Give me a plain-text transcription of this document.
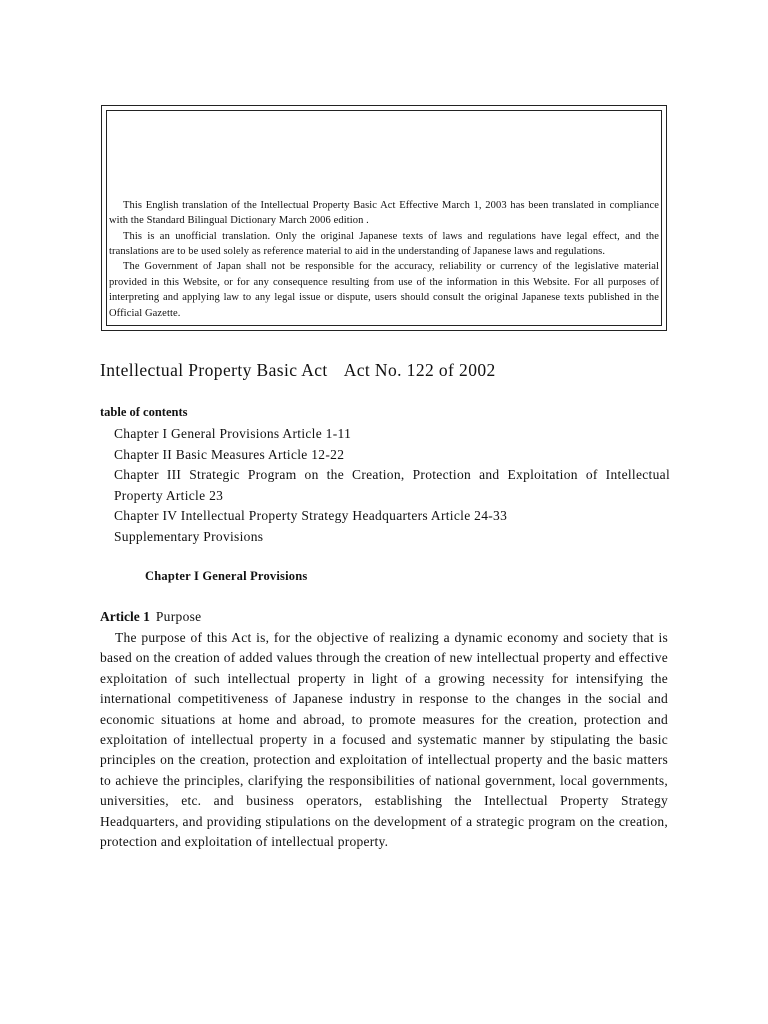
This English translation of the Intellectual Property Basic Act Effective March 1, 2003 has been translated in compliance with the Standard Bilingual Dictionary March 2006 edition .

This is an unofficial translation. Only the original Japanese texts of laws and regulations have legal effect, and the translations are to be used solely as reference material to aid in the understanding of Japanese laws and regulations.

The Government of Japan shall not be responsible for the accuracy, reliability or currency of the legislative material provided in this Website, or for any consequence resulting from use of the information in this Website. For all purposes of interpreting and applying law to any legal issue or dispute, users should consult the original Japanese texts published in the Official Gazette.

Intellectual Property Basic Act Act No. 122 of 2002
table of contents
Chapter I General Provisions Article 1-11
Chapter II Basic Measures Article 12-22
Chapter III Strategic Program on the Creation, Protection and Exploitation of Intellectual Property Article 23
Chapter IV Intellectual Property Strategy Headquarters Article 24-33
Supplementary Provisions
Chapter I General Provisions
Article 1 Purpose

The purpose of this Act is, for the objective of realizing a dynamic economy and society that is based on the creation of added values through the creation of new intellectual property and effective exploitation of such intellectual property in light of a growing necessity for intensifying the international competitiveness of Japanese industry in response to the changes in the social and economic situations at home and abroad, to promote measures for the creation, protection and exploitation of intellectual property in a focused and systematic manner by stipulating the basic principles on the creation, protection and exploitation of intellectual property and the basic matters to achieve the principles, clarifying the responsibilities of national government, local governments, universities, etc. and business operators, establishing the Intellectual Property Strategy Headquarters, and providing stipulations on the development of a strategic program on the creation, protection and exploitation of intellectual property.
